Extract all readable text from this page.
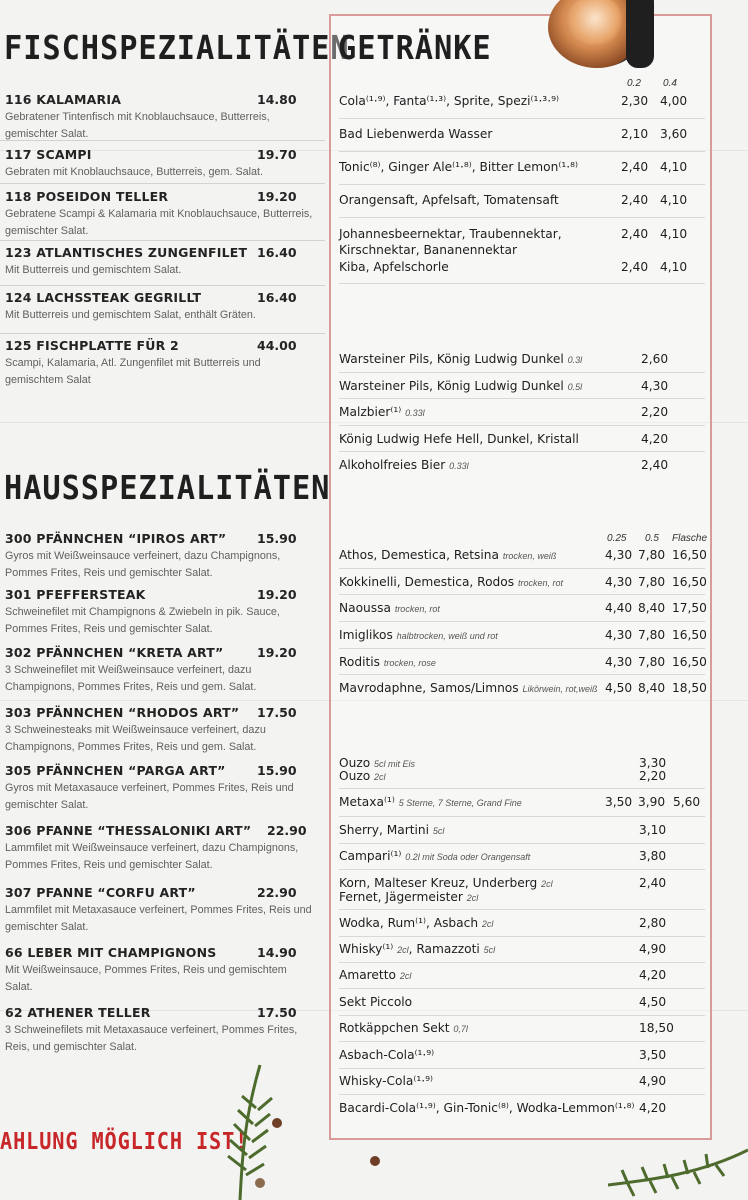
FISCHSPEZIALITÄTEN
HAUSSPEZIALITÄTEN
116 KALAMARIA	14.80
Gebratener Tintenfisch mit Knoblauchsauce, Butterreis, gemischter Salat.
117 SCAMPI	19.70
Gebraten mit Knoblauchsauce, Butterreis, gem. Salat.
118 POSEIDON TELLER	19.20
Gebratene Scampi & Kalamaria mit Knoblauchsauce, Butterreis, gemischter Salat.
123 ATLANTISCHES ZUNGENFILET 16.40
Mit Butterreis und gemischtem Salat.
124 LACHSSTEAK GEGRILLT	16.40
Mit Butterreis und gemischtem Salat, enthält Gräten.
125 FISCHPLATTE FÜR 2	44.00
Scampi, Kalamaria, Atl. Zungenfilet mit Butterreis und gemischtem Salat
300 PFÄNNCHEN “IPIROS ART” 15.90
Gyros mit Weißweinsauce verfeinert, dazu Champignons, Pommes Frites, Reis und gemischter Salat.
301 PFEFFERSTEAK	19.20
Schweinefilet mit Champignons & Zwiebeln in pik. Sauce, Pommes Frites, Reis und gemischter Salat.
302 PFÄNNCHEN “KRETA ART”	19.20
3 Schweinefilet mit Weißweinsauce verfeinert, dazu Champignons, Pommes Frites, Reis und gem. Salat.
303 PFÄNNCHEN “RHODOS ART” 17.50
3 Schweinesteaks mit Weißweinsauce verfeinert, dazu Champignons, Pommes Frites, Reis und gem. Salat.
305 PFÄNNCHEN “PARGA ART”	15.90
Gyros mit Metaxasauce verfeinert, Pommes Frites, Reis und gemischter Salat.
306 PFANNE “THESSALONIKI ART” 22.90
Lammfilet mit Weißweinsauce verfeinert, dazu Champignons, Pommes Frites, Reis und gemischter Salat.
307 PFANNE “CORFU ART”	22.90
Lammfilet mit Metaxasauce verfeinert, Pommes Frites, Reis und gemischter Salat.
66 LEBER MIT CHAMPIGNONS	14.90
Mit Weißweinsauce, Pommes Frites, Reis und gemischtem Salat.
62 ATHENER TELLER	17.50
3 Schweinefilets mit Metaxasauce verfeinert, Pommes Frites, Reis, und gemischter Salat.
GETRÄNKE
0.2 0.4
Cola⁽¹·⁹⁾, Fanta⁽¹·³⁾, Sprite, Spezi⁽¹·³·⁹⁾	2,30 4,00
Bad Liebenwerda Wasser	2,10 3,60
Tonic⁽⁸⁾, Ginger Ale⁽¹·⁸⁾, Bitter Lemon⁽¹·⁸⁾	2,40 4,10
Orangensaft, Apfelsaft, Tomatensaft	2,40 4,10
Johannesbeernektar, Traubennektar,	2,40 4,10
Kirschnektar, Bananennektar
Kiba, Apfelschorle	2,40 4,10
Warsteiner Pils, König Ludwig Dunkel 0.3l	2,60
Warsteiner Pils, König Ludwig Dunkel 0.5l	4,30
Malzbier⁽¹⁾ 0.33l	2,20
König Ludwig Hefe Hell, Dunkel, Kristall	4,20
Alkoholfreies Bier 0.33l	2,40
0.25 0.5 Flasche
Athos, Demestica, Retsina trocken, weiß	4,30 7,80 16,50
Kokkinelli, Demestica, Rodos trocken, rot	4,30 7,80 16,50
Naoussa trocken, rot	4,40 8,40 17,50
Imiglikos halbtrocken, weiß und rot	4,30 7,80 16,50
Roditis trocken, rose	4,30 7,80 16,50
Mavrodaphne, Samos/Limnos Likörwein, rot,weiß 4,50 8,40 18,50
Ouzo 5cl mit Eis	3,30
Ouzo 2cl	2,20
Metaxa⁽¹⁾ 5 Sterne, 7 Sterne, Grand Fine	3,50 3,90 5,60
Sherry, Martini 5cl	3,10
Campari⁽¹⁾ 0.2l mit Soda oder Orangensaft	3,80
Korn, Malteser Kreuz, Underberg 2cl	2,40
Fernet, Jägermeister 2cl
Wodka, Rum⁽¹⁾, Asbach 2cl	2,80
Whisky⁽¹⁾ 2cl, Ramazzoti 5cl	4,90
Amaretto 2cl	4,20
Sekt Piccolo	4,50
Rotkäppchen Sekt 0,7l	18,50
Asbach-Cola⁽¹·⁹⁾	3,50
Whisky-Cola⁽¹·⁹⁾	4,90
Bacardi-Cola⁽¹·⁹⁾, Gin-Tonic⁽⁸⁾, Wodka-Lemmon⁽¹·⁸⁾ 4,20
AHLUNG MÖGLICH IST!
